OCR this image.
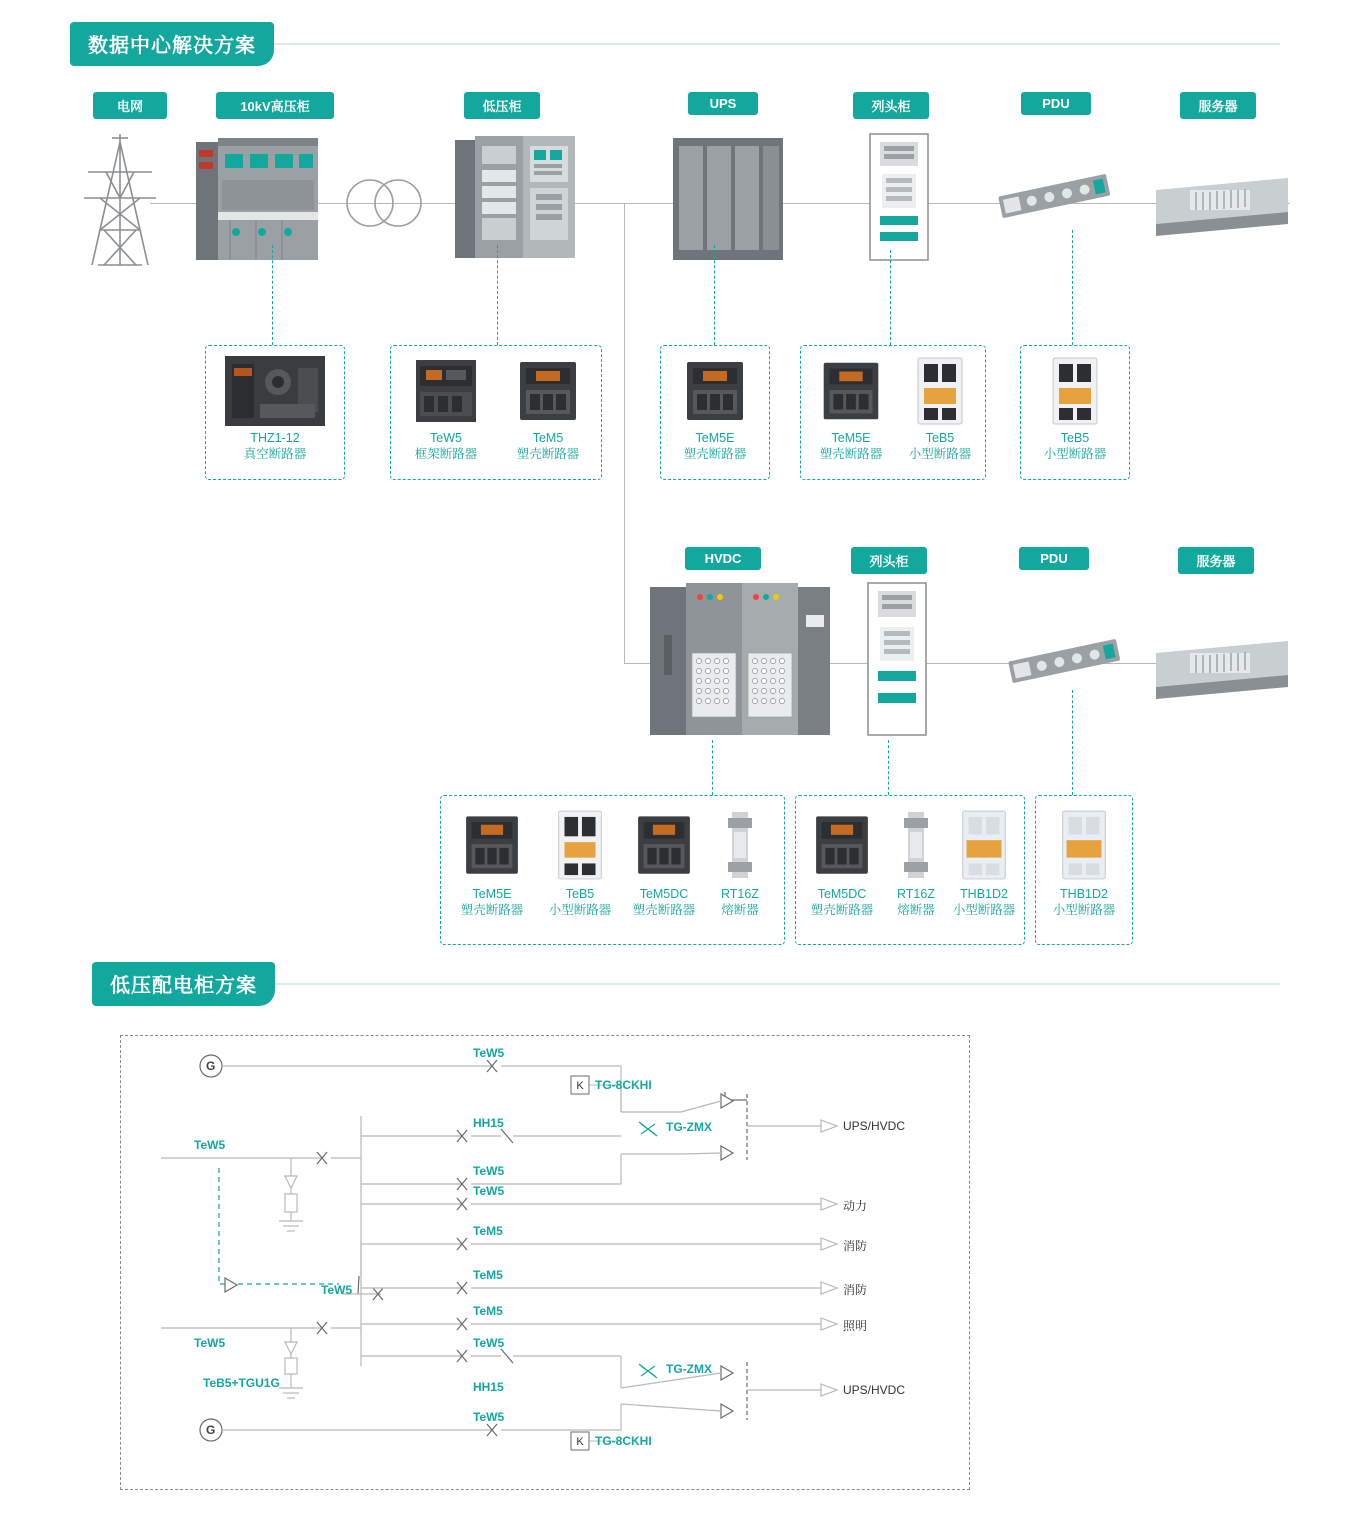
数据中心解决方案
电网	10kV高压柜	低压柜	UPS	列头柜	PDU	服务器
THZ1-12
真空断路器
TeW5
框架断路器
TeM5
塑壳断路器
TeM5E
塑壳断路器
TeM5E
塑壳断路器
TeB5
小型断路器
TeB5
小型断路器
HVDC	列头柜	PDU	服务器
TeM5E
塑壳断路器
TeB5
小型断路器
TeM5DC
塑壳断路器
RT16Z
熔断器
TeM5DC
塑壳断路器
RT16Z
熔断器
THB1D2
小型断路器
THB1D2
小型断路器
低压配电柜方案
K
K
G
G
TeW5
HH15
TeW5
TeW5
TeM5
TeM5
TeM5
TeW5
HH15
TeW5
TeW5
TeW5
TeW5
TeB5+TGU1G
TG-8CKHI
TG-8CKHI
TG-ZMX
TG-ZMX
UPS/HVDC
动力
消防
消防
照明
UPS/HVDC
